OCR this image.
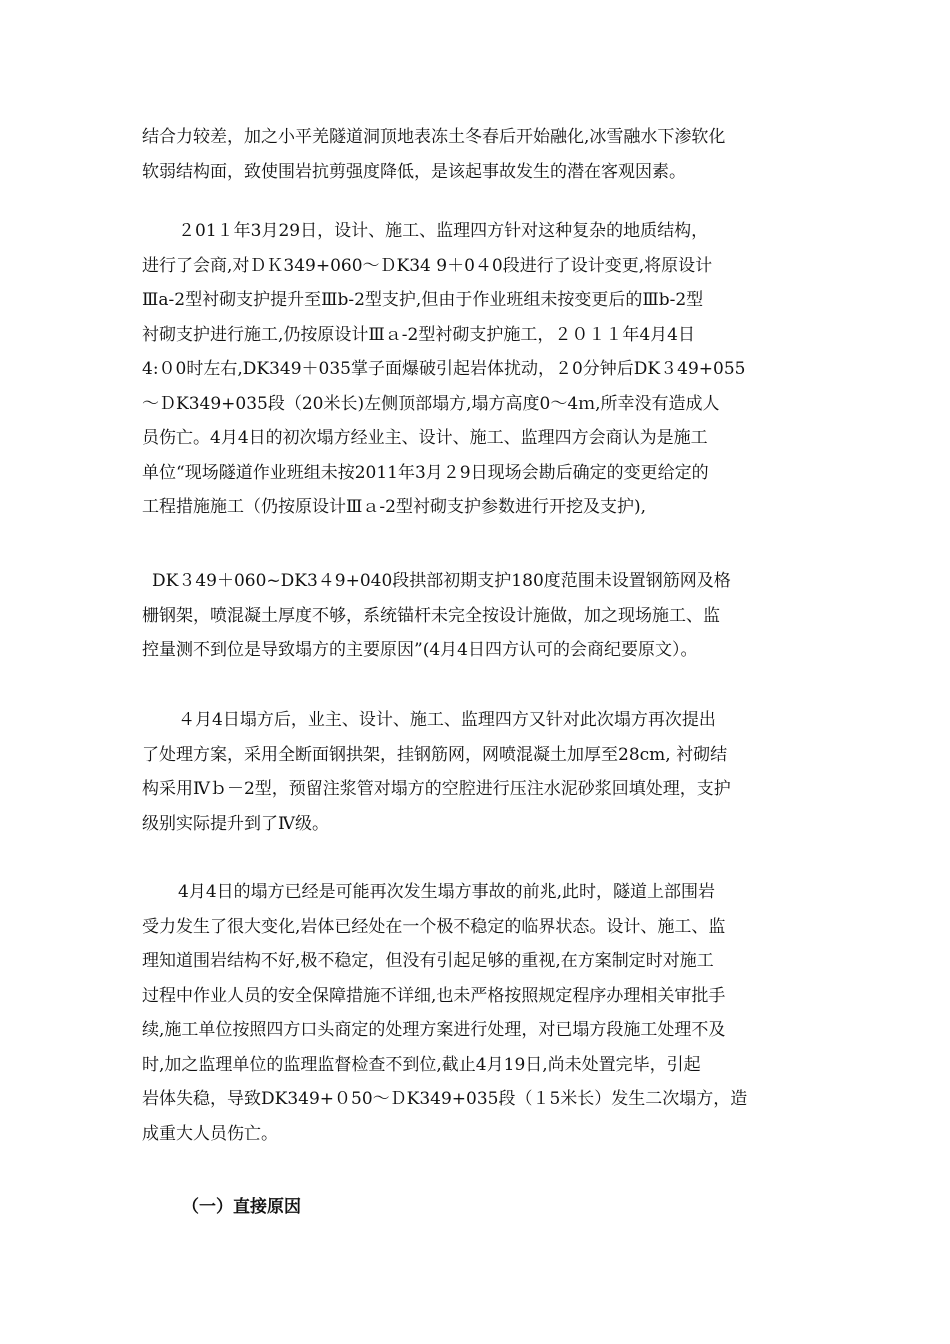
结合力较差，加之小平羌隧道洞顶地表冻土冬春后开始融化,冰雪融水下渗软化
软弱结构面，致使围岩抗剪强度降低，是该起事故发生的潜在客观因素。
２01１年3月29日，设计、施工、监理四方针对这种复杂的地质结构，
进行了会商,对ＤＫ349+060～ＤK34 9＋0４0段进行了设计变更,将原设计
Ⅲa-2型衬砌支护提升至Ⅲb-2型支护,但由于作业班组未按变更后的Ⅲb-2型
衬砌支护进行施工,仍按原设计Ⅲａ-2型衬砌支护施工，２０１１年4月4日
4:０0时左右,DK349＋035掌子面爆破引起岩体扰动，２0分钟后DK３49+055
～ＤK349+035段（20米长)左侧顶部塌方,塌方高度0～4ｍ,所幸没有造成人
员伤亡。4月4日的初次塌方经业主、设计、施工、监理四方会商认为是施工
单位“现场隧道作业班组未按2011年3月２9日现场会勘后确定的变更给定的
工程措施施工（仍按原设计Ⅲａ-2型衬砌支护参数进行开挖及支护),
DK３49＋060~DK3４9+040段拱部初期支护180度范围未设置钢筋网及格
栅钢架，喷混凝土厚度不够，系统锚杆未完全按设计施做，加之现场施工、监
控量测不到位是导致塌方的主要原因”(4月4日四方认可的会商纪要原文）。
４月4日塌方后，业主、设计、施工、监理四方又针对此次塌方再次提出
了处理方案，采用全断面钢拱架，挂钢筋网，网喷混凝土加厚至28cm, 衬砌结
构采用Ⅳｂ－2型，预留注浆管对塌方的空腔进行压注水泥砂浆回填处理，支护
级别实际提升到了Ⅳ级。
4月4日的塌方已经是可能再次发生塌方事故的前兆,此时，隧道上部围岩
受力发生了很大变化,岩体已经处在一个极不稳定的临界状态。设计、施工、监
理知道围岩结构不好,极不稳定，但没有引起足够的重视,在方案制定时对施工
过程中作业人员的安全保障措施不详细,也未严格按照规定程序办理相关审批手
续,施工单位按照四方口头商定的处理方案进行处理，对已塌方段施工处理不及
时,加之监理单位的监理监督检查不到位,截止4月19日,尚未处置完毕，引起
岩体失稳，导致DK349+０50～ＤK349+035段（１5米长）发生二次塌方，造
成重大人员伤亡。
（一）直接原因
